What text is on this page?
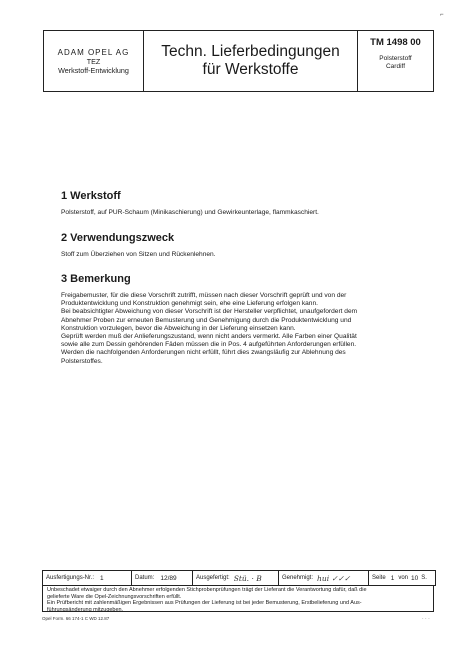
⌐
ADAM OPEL AG
TEZ
Werkstoff-Entwicklung
Techn. Lieferbedingungen
für Werkstoffe
TM 1498 00
Polsterstoff
Cardiff
1 Werkstoff
Polsterstoff, auf PUR-Schaum (Minikaschierung) und Gewirkeunterlage, flammkaschiert.
2 Verwendungszweck
Stoff zum Überziehen von Sitzen und Rückenlehnen.
3 Bemerkung
Freigabemuster, für die diese Vorschrift zutrifft, müssen nach dieser Vorschrift geprüft und von der
Produktentwicklung und Konstruktion genehmigt sein, ehe eine Lieferung erfolgen kann.
Bei beabsichtigter Abweichung von dieser Vorschrift ist der Hersteller verpflichtet, unaufgefordert dem
Abnehmer Proben zur erneuten Bemusterung und Genehmigung durch die Produktentwicklung und
Konstruktion vorzulegen, bevor die Abweichung in der Lieferung einsetzen kann.
Geprüft werden muß der Anlieferungszustand, wenn nicht anders vermerkt. Alle Farben einer Qualität
sowie alle zum Dessin gehörenden Fäden müssen die in Pos. 4 aufgeführten Anforderungen erfüllen.
Werden die nachfolgenden Anforderungen nicht erfüllt, führt dies zwangsläufig zur Ablehnung des
Polsterstoffes.
Ausfertigungs-Nr.: 1	Datum: 12/89	Ausgefertigt: Stü. · B	Genehmigt: hui ✓✓✓	Seite 1 von 10 S.
Unbeschadet etwaiger durch den Abnehmer erfolgenden Stichprobenprüfungen trägt der Lieferant die Verantwortung dafür, daß die
gelieferte Ware die Opel-Zeichnungsvorschriften erfüllt.
Ein Prüfbericht mit zahlenmäßigen Ergebnissen aus Prüfungen der Lieferung ist bei jeder Bemusterung, Erstbelieferung und Aus-
führungsänderung mitzugeben.
Opel Form. 66 174-1 C WD 12.87	· · ·
